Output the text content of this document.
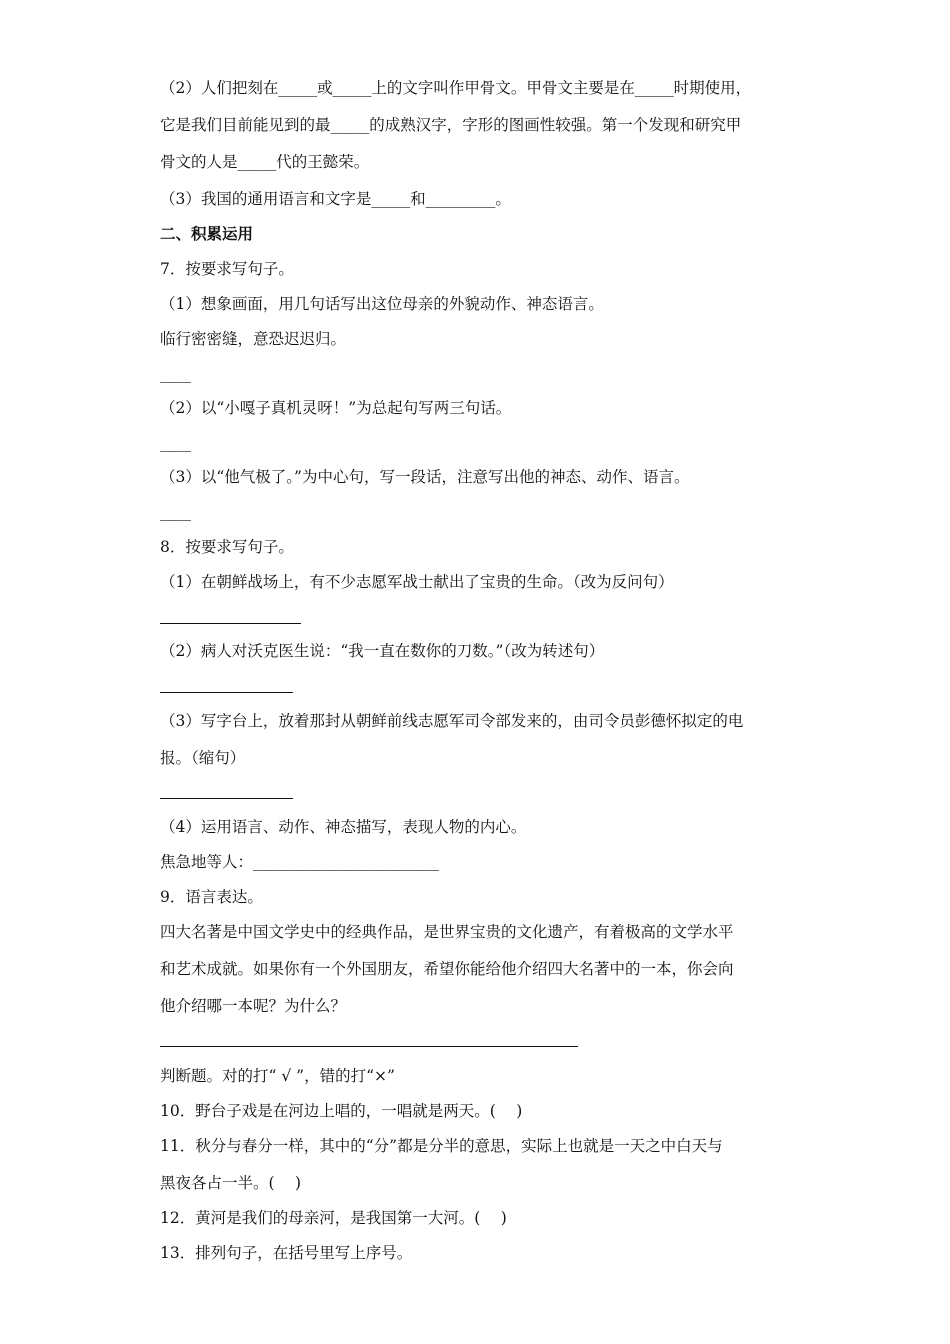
（2）人们把刻在_____或_____上的文字叫作甲骨文。甲骨文主要是在_____时期使用，

它是我们目前能见到的最_____的成熟汉字，字形的图画性较强。第一个发现和研究甲

骨文的人是_____代的王懿荣。

（3）我国的通用语言和文字是_____和_________。

二、积累运用

7．按要求写句子。

（1）想象画面，用几句话写出这位母亲的外貌动作、神态语言。

临行密密缝，意恐迟迟归。

____

（2）以“小嘎子真机灵呀！”为总起句写两三句话。

____

（3）以“他气极了。”为中心句，写一段话，注意写出他的神态、动作、语言。

____

8．按要求写句子。

（1）在朝鲜战场上，有不少志愿军战士献出了宝贵的生命。（改为反问句）

（2）病人对沃克医生说：“我一直在数你的刀数。”（改为转述句）

（3）写字台上，放着那封从朝鲜前线志愿军司令部发来的，由司令员彭德怀拟定的电

报。（缩句）

（4）运用语言、动作、神态描写，表现人物的内心。

焦急地等人：________________________

9．语言表达。

四大名著是中国文学史中的经典作品，是世界宝贵的文化遗产，有着极高的文学水平

和艺术成就。如果你有一个外国朋友，希望你能给他介绍四大名著中的一本，你会向

他介绍哪一本呢？为什么？

判断题。对的打“ √ ”，错的打“×”

10．野台子戏是在河边上唱的，一唱就是两天。(　 )

11．秋分与春分一样，其中的“分”都是分半的意思，实际上也就是一天之中白天与

黑夜各占一半。(　 )

12．黄河是我们的母亲河，是我国第一大河。(　 )

13．排列句子，在括号里写上序号。
